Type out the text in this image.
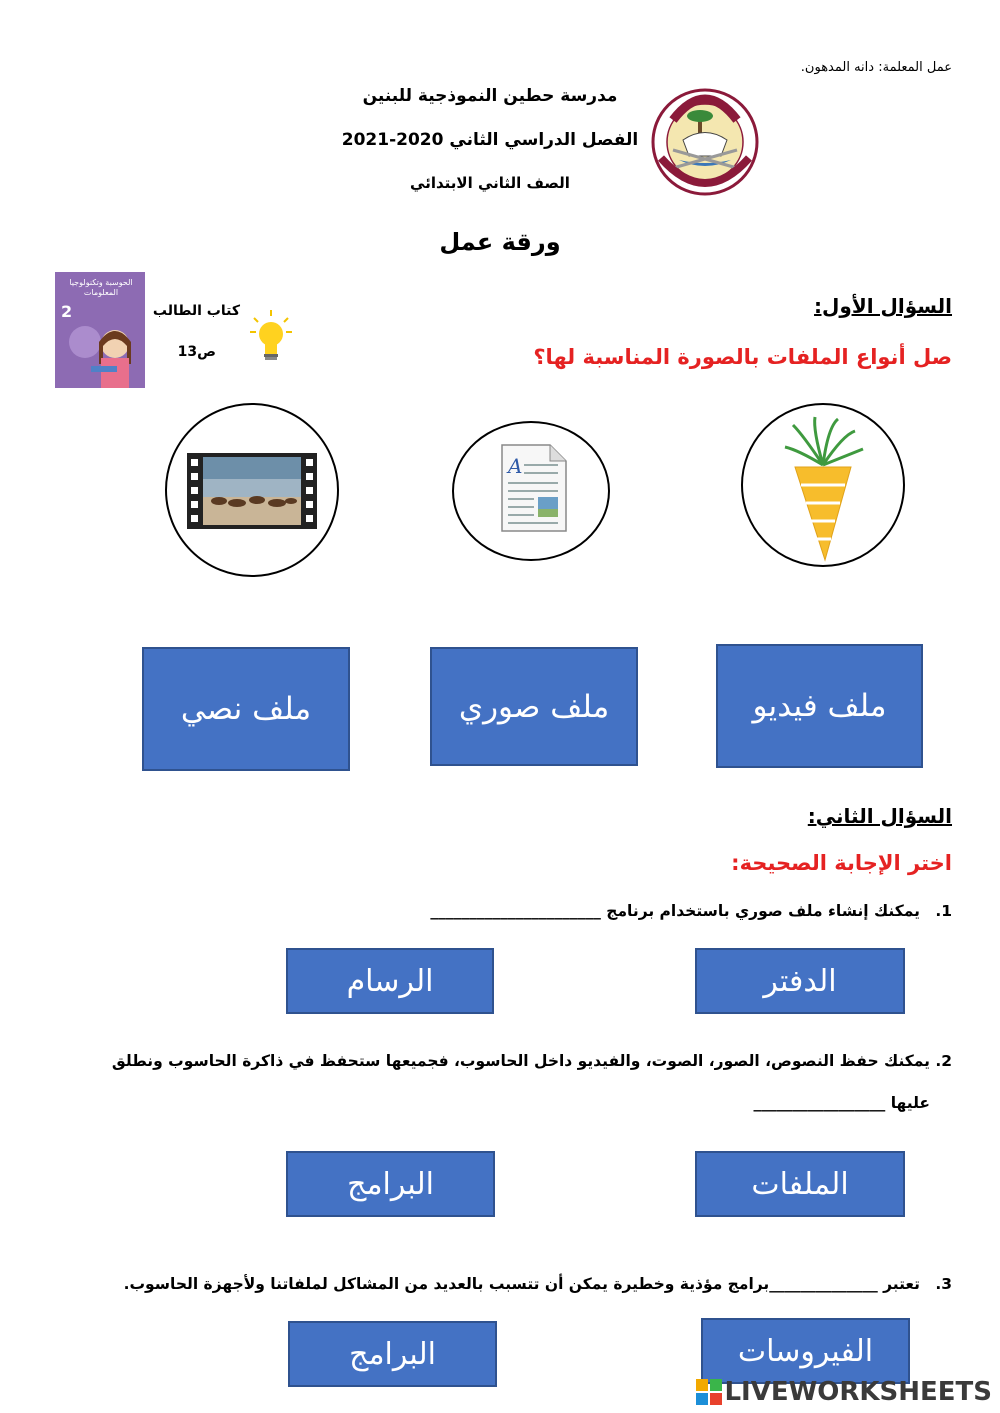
عمل المعلمة: دانه المدهون.
مدرسة حطين النموذجية للبنين
الفصل الدراسي الثاني 2020-2021
الصف الثاني الابتدائي
ورقة عمل
الحوسبة وتكنولوجيا المعلومات
2	كتاب الطالب
ص13
السؤال الأول:
صل أنواع الملفات بالصورة المناسبة لها؟
A
ملف نصي	ملف صوري	ملف فيديو
السؤال الثاني:
اختر الإجابة الصحيحة:
1.
يمكنك إنشاء ملف صوري باستخدام برنامج ______________________
الرسام	الدفتر
2.
يمكنك حفظ النصوص، الصور، الصوت، والفيديو داخل الحاسوب، فجميعها ستحفظ في ذاكرة الحاسوب ونطلق
عليها _________________
البرامج	الملفات
3.
تعتبر ______________برامج مؤذية وخطيرة يمكن أن تتسبب بالعديد من المشاكل لملفاتنا ولأجهزة الحاسوب.
البرامج	الفيروسات
LIVEWORKSHEETS
